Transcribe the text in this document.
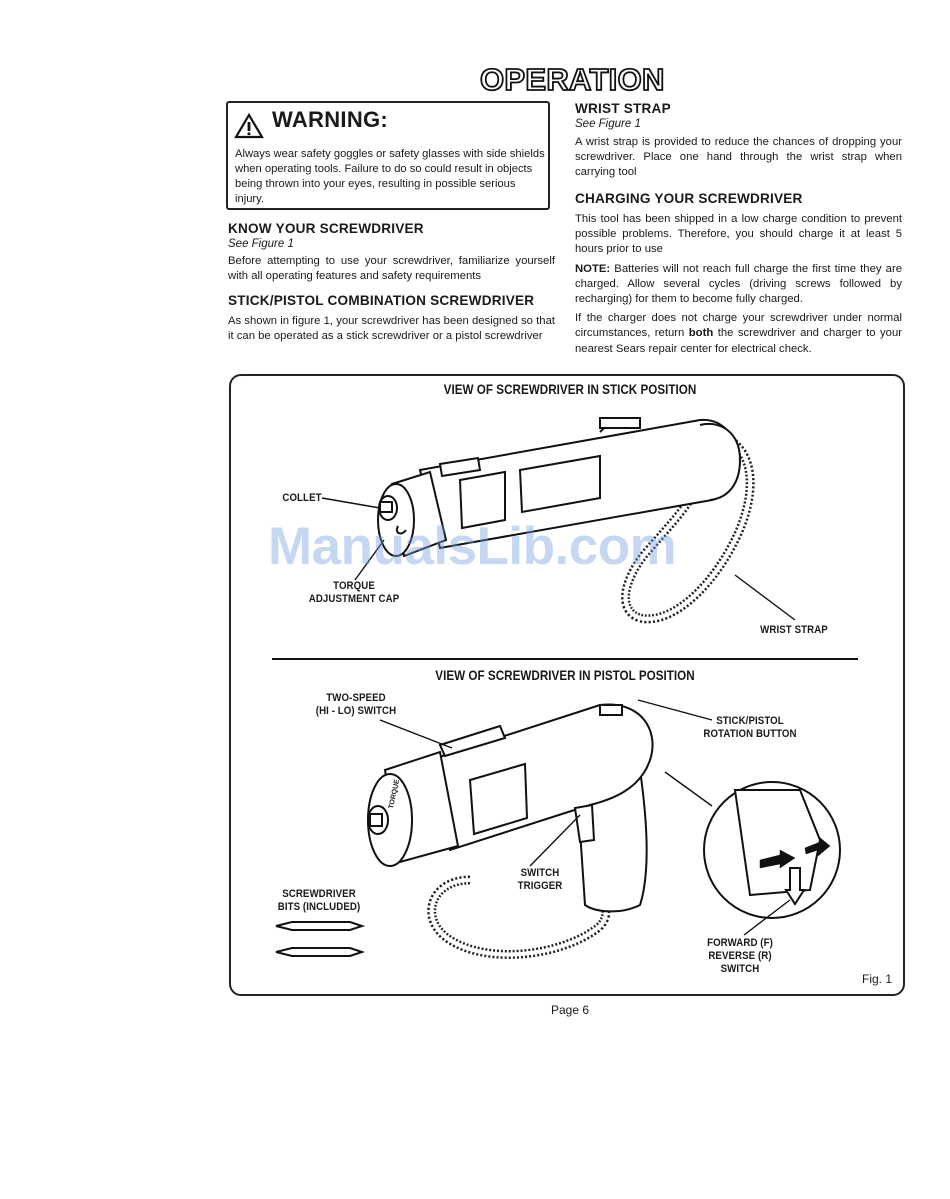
OPERATION
WARNING:
Always wear safety goggles or safety glasses with side shields when operating tools. Failure to do so could result in objects being thrown into your eyes, resulting in possible serious injury.
KNOW YOUR SCREWDRIVER
See Figure 1
Before attempting to use your screwdriver, familiarize yourself with all operating features and safety requirements
STICK/PISTOL COMBINATION SCREWDRIVER
As shown in figure 1, your screwdriver has been designed so that it can be operated as a stick screwdriver or a pistol screwdriver
WRIST STRAP
See Figure 1
A wrist strap is provided to reduce the chances of dropping your screwdriver. Place one hand through the wrist strap when carrying tool
CHARGING YOUR SCREWDRIVER
This tool has been shipped in a low charge condition to prevent possible problems. Therefore, you should charge it at least 5 hours prior to use
NOTE: Batteries will not reach full charge the first time they are charged. Allow several cycles (driving screws followed by recharging) for them to become fully charged.
If the charger does not charge your screwdriver under normal circumstances, return both the screwdriver and charger to your nearest Sears repair center for electrical check.
VIEW OF SCREWDRIVER IN STICK POSITION
VIEW OF SCREWDRIVER IN PISTOL POSITION
COLLET
TORQUE
ADJUSTMENT CAP
WRIST STRAP
TWO-SPEED
(HI - LO) SWITCH
STICK/PISTOL
ROTATION BUTTON
SWITCH
TRIGGER
SCREWDRIVER
BITS (INCLUDED)
FORWARD (F)
REVERSE (R)
SWITCH
TORQUE
Fig. 1
ManualsLib.com
Page 6
